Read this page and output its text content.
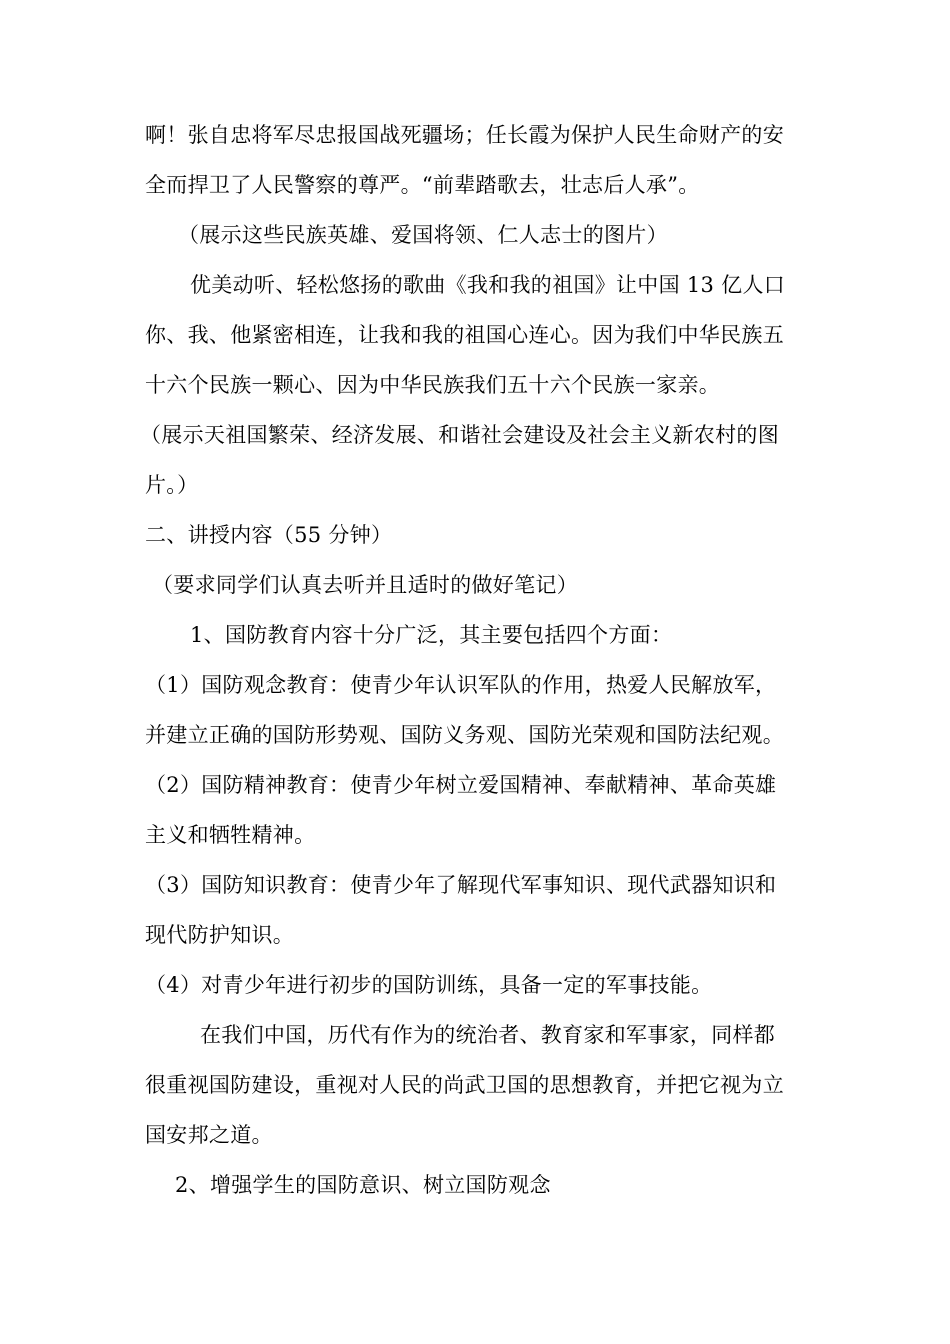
啊！张自忠将军尽忠报国战死疆场；任长霞为保护人民生命财产的安
全而捍卫了人民警察的尊严。“前辈踏歌去，壮志后人承”。
（展示这些民族英雄、爱国将领、仁人志士的图片）
优美动听、轻松悠扬的歌曲《我和我的祖国》让中国 13 亿人口
你、我、他紧密相连，让我和我的祖国心连心。因为我们中华民族五
十六个民族一颗心、因为中华民族我们五十六个民族一家亲。
（展示天祖国繁荣、经济发展、和谐社会建设及社会主义新农村的图
片。）
二、讲授内容（55 分钟）
（要求同学们认真去听并且适时的做好笔记）
1、国防教育内容十分广泛，其主要包括四个方面：
（1）国防观念教育：使青少年认识军队的作用，热爱人民解放军，
并建立正确的国防形势观、国防义务观、国防光荣观和国防法纪观。
（2）国防精神教育：使青少年树立爱国精神、奉献精神、革命英雄
主义和牺牲精神。
（3）国防知识教育：使青少年了解现代军事知识、现代武器知识和
现代防护知识。
（4）对青少年进行初步的国防训练，具备一定的军事技能。
在我们中国，历代有作为的统治者、教育家和军事家，同样都
很重视国防建设，重视对人民的尚武卫国的思想教育，并把它视为立
国安邦之道。
2、增强学生的国防意识、树立国防观念
